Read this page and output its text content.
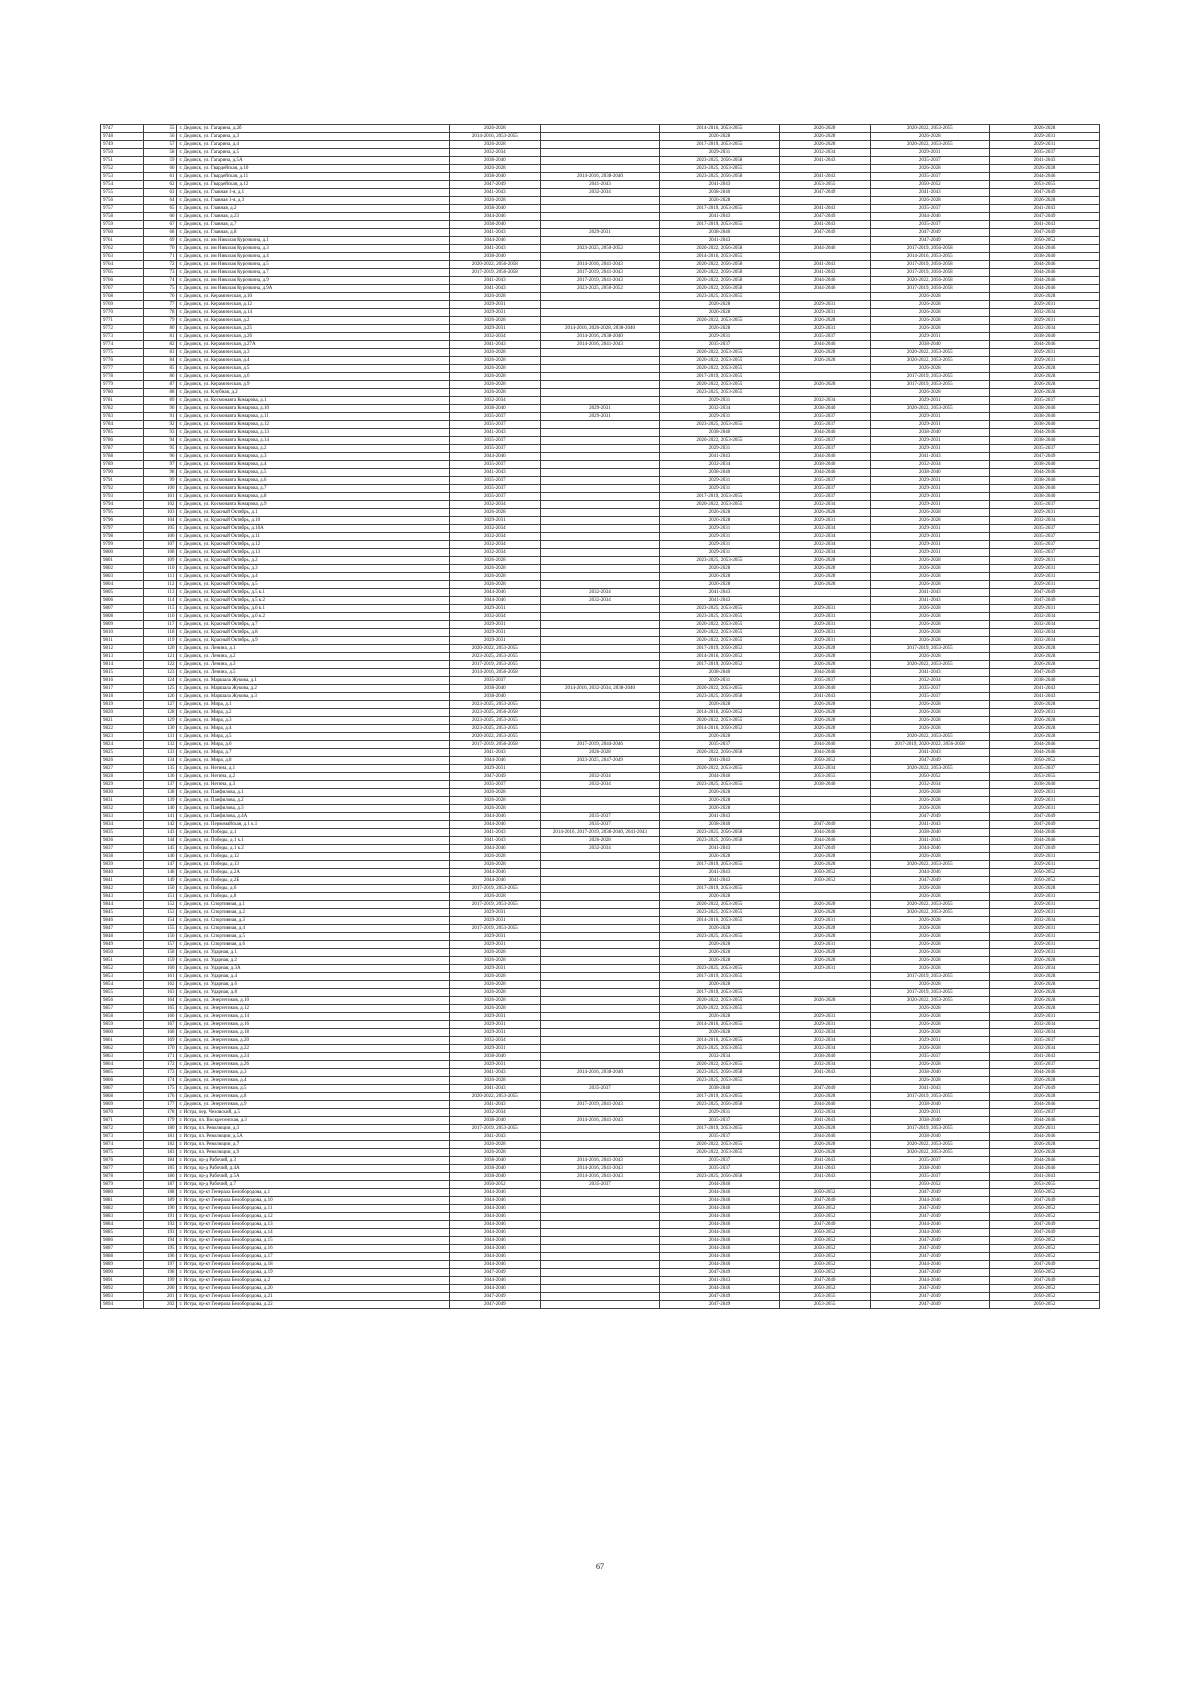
9747	55	г. Дедовск, ул. Гагарина, д.2б	2026-2028		2014-2016, 2053-2055	2026-2028	2020-2022, 2053-2055	2026-2028
9748	56	г. Дедовск, ул. Гагарина, д.3	2014-2016, 2053-2055		2026-2028	2026-2028	2026-2028	2029-2031
9749	57	г. Дедовск, ул. Гагарина, д.4	2026-2028		2017-2019, 2053-2055	2026-2028	2020-2022, 2053-2055	2029-2031
9750	58	г. Дедовск, ул. Гагарина, д.5	2032-2034		2029-2031	2032-2034	2029-2031	2035-2037
9751	59	г. Дедовск, ул. Гагарина, д.5А	2038-2040		2023-2025, 2056-2058	2041-2043	2035-2037	2041-2043
9752	60	г. Дедовск, ул. Гвардейская, д.10	2026-2028		2023-2025, 2053-2055		2026-2028	2026-2028
9753	61	г. Дедовск, ул. Гвардейская, д.11	2038-2040	2014-2016, 2038-2040	2023-2025, 2056-2058	2041-2043	2035-2037	2044-2046
9754	62	г. Дедовск, ул. Гвардейская, д.12	2047-2049	2041-2043	2041-2043	2053-2055	2050-2052	2053-2055
9755	63	г. Дедовск, ул. Главная 1-я, д.1	2041-2043	2032-2034	2038-2040	2047-2049	2041-2043	2047-2049
9756	64	г. Дедовск, ул. Главная 1-я, д.3	2026-2028		2026-2028		2026-2028	2026-2028
9757	65	г. Дедовск, ул. Главная, д.2	2038-2040		2017-2019, 2053-2055	2041-2043	2035-2037	2041-2043
9758	66	г. Дедовск, ул. Главная, д.23	2044-2046		2041-2043	2047-2049	2044-2046	2047-2049
9759	67	г. Дедовск, ул. Главная, д.7	2038-2040		2017-2019, 2053-2055	2041-2043	2035-2037	2041-2043
9760	68	г. Дедовск, ул. Главная, д.8	2041-2043	2029-2031	2038-2040	2047-2049	2047-2049	2047-2049
9761	69	г. Дедовск, ул. им Николая Курочкина, д.1	2044-2046		2041-2043		2047-2049	2050-2052
9762	70	г. Дедовск, ул. им Николая Курочкина, д.3	2041-2043	2023-2025, 2050-2052	2020-2022, 2056-2058	2044-2046	2017-2019, 2056-2058	2044-2046
9763	71	г. Дедовск, ул. им Николая Курочкина, д.4	2038-2040		2014-2016, 2053-2055		2014-2016, 2053-2055	2038-2040
9764	72	г. Дедовск, ул. им Николая Курочкина, д.5	2020-2022, 2056-2058	2014-2016, 2041-2043	2020-2022, 2056-2058	2041-2043	2017-2019, 2056-2058	2044-2046
9765	73	г. Дедовск, ул. им Николая Курочкина, д.7	2017-2019, 2056-2058	2017-2019, 2041-2043	2020-2022, 2056-2058	2041-2043	2017-2019, 2056-2058	2044-2046
9766	74	г. Дедовск, ул. им Николая Курочкина, д.9	2041-2043	2017-2019, 2041-2043	2020-2022, 2056-2058	2044-2046	2020-2022, 2056-2058	2044-2046
9767	75	г. Дедовск, ул. им Николая Курочкина, д.9А	2041-2043	2023-2025, 2050-2052	2020-2022, 2056-2058	2044-2046	2017-2019, 2056-2058	2044-2046
9768	76	г. Дедовск, ул. Керамическая, д.10	2026-2028		2023-2025, 2053-2055		2026-2028	2026-2028
9769	77	г. Дедовск, ул. Керамическая, д.12	2029-2031		2026-2028	2029-2031	2026-2028	2029-2031
9770	78	г. Дедовск, ул. Керамическая, д.14	2029-2031		2026-2028	2029-2031	2026-2028	2032-2034
9771	79	г. Дедовск, ул. Керамическая, д.2	2026-2028		2020-2022, 2053-2055	2026-2028	2026-2028	2029-2031
9772	80	г. Дедовск, ул. Керамическая, д.25	2029-2031	2014-2016, 2026-2028, 2038-2040	2026-2028	2029-2031	2026-2028	2032-2034
9773	81	г. Дедовск, ул. Керамическая, д.26	2032-2034	2014-2016, 2038-2040	2029-2031	2035-2037	2029-2031	2038-2040
9774	82	г. Дедовск, ул. Керамическая, д.27А	2041-2043	2014-2016, 2041-2043	2035-2037	2044-2046	2038-2040	2044-2046
9775	83	г. Дедовск, ул. Керамическая, д.3	2026-2028		2020-2022, 2053-2055	2026-2028	2020-2022, 2053-2055	2029-2031
9776	84	г. Дедовск, ул. Керамическая, д.4	2026-2028		2020-2022, 2053-2055	2026-2028	2020-2022, 2053-2055	2029-2031
9777	85	г. Дедовск, ул. Керамическая, д.5	2026-2028		2020-2022, 2053-2055		2026-2028	2026-2028
9778	86	г. Дедовск, ул. Керамическая, д.6	2026-2028		2017-2019, 2053-2055		2017-2019, 2053-2055	2026-2028
9779	87	г. Дедовск, ул. Керамическая, д.9	2026-2028		2020-2022, 2053-2055	2026-2028	2017-2019, 2053-2055	2026-2028
9780	88	г. Дедовск, ул. Клубная, д.2	2026-2028		2023-2025, 2053-2055		2026-2028	2026-2028
9781	89	г. Дедовск, ул. Космонавта Комарова, д.1	2032-2034		2029-2031	2032-2034	2029-2031	2035-2037
9782	90	г. Дедовск, ул. Космонавта Комарова, д.10	2038-2040	2029-2031	2032-2034	2038-2040	2020-2022, 2053-2055	2038-2040
9783	91	г. Дедовск, ул. Космонавта Комарова, д.11	2035-2037	2029-2031	2029-2031	2035-2037	2029-2031	2038-2040
9784	92	г. Дедовск, ул. Космонавта Комарова, д.12	2035-2037		2023-2025, 2053-2055	2035-2037	2029-2031	2038-2040
9785	93	г. Дедовск, ул. Космонавта Комарова, д.13	2041-2043		2038-2040	2044-2046	2038-2040	2044-2046
9786	94	г. Дедовск, ул. Космонавта Комарова, д.14	2035-2037		2020-2022, 2053-2055	2035-2037	2029-2031	2038-2040
9787	95	г. Дедовск, ул. Космонавта Комарова, д.2	2035-2037		2029-2031	2035-2037	2029-2031	2035-2037
9788	96	г. Дедовск, ул. Космонавта Комарова, д.3	2044-2046		2041-2043	2044-2046	2041-2043	2047-2049
9789	97	г. Дедовск, ул. Космонавта Комарова, д.4	2035-2037		2032-2034	2038-2040	2032-2034	2038-2040
9790	98	г. Дедовск, ул. Космонавта Комарова, д.5	2041-2043		2038-2040	2044-2046	2038-2040	2044-2046
9791	99	г. Дедовск, ул. Космонавта Комарова, д.6	2035-2037		2029-2031	2035-2037	2029-2031	2038-2040
9792	100	г. Дедовск, ул. Космонавта Комарова, д.7	2035-2037		2029-2031	2035-2037	2029-2031	2038-2040
9793	101	г. Дедовск, ул. Космонавта Комарова, д.8	2035-2037		2017-2019, 2053-2055	2035-2037	2029-2031	2038-2040
9794	102	г. Дедовск, ул. Космонавта Комарова, д.9	2032-2034		2020-2022, 2053-2055	2032-2034	2029-2031	2035-2037
9795	103	г. Дедовск, ул. Красный Октябрь, д.1	2026-2028		2026-2028	2026-2028	2026-2028	2029-2031
9796	104	г. Дедовск, ул. Красный Октябрь, д.10	2029-2031		2026-2028	2029-2031	2026-2028	2032-2034
9797	105	г. Дедовск, ул. Красный Октябрь, д.10А	2032-2034		2029-2031	2032-2034	2029-2031	2035-2037
9798	106	г. Дедовск, ул. Красный Октябрь, д.11	2032-2034		2029-2031	2032-2034	2029-2031	2035-2037
9799	107	г. Дедовск, ул. Красный Октябрь, д.12	2032-2034		2029-2031	2032-2034	2029-2031	2035-2037
9800	108	г. Дедовск, ул. Красный Октябрь, д.13	2032-2034		2029-2031	2032-2034	2029-2031	2035-2037
9801	109	г. Дедовск, ул. Красный Октябрь, д.2	2026-2028		2023-2025, 2053-2055	2026-2028	2026-2028	2029-2031
9802	110	г. Дедовск, ул. Красный Октябрь, д.3	2026-2028		2026-2028	2026-2028	2026-2028	2029-2031
9803	111	г. Дедовск, ул. Красный Октябрь, д.4	2026-2028		2026-2028	2026-2028	2026-2028	2029-2031
9804	112	г. Дедовск, ул. Красный Октябрь, д.5	2026-2028		2026-2028	2026-2028	2026-2028	2029-2031
9805	113	г. Дедовск, ул. Красный Октябрь, д.5 к.1	2044-2046	2032-2034	2041-2043		2041-2043	2047-2049
9806	114	г. Дедовск, ул. Красный Октябрь, д.5 к.2	2044-2046	2032-2034	2041-2043		2041-2043	2047-2049
9807	115	г. Дедовск, ул. Красный Октябрь, д.6 к.1	2029-2031		2023-2025, 2053-2055	2029-2031	2026-2028	2029-2031
9808	116	г. Дедовск, ул. Красный Октябрь, д.6 к.2	2032-2034		2023-2025, 2053-2055	2029-2031	2026-2028	2032-2034
9809	117	г. Дедовск, ул. Красный Октябрь, д.7	2029-2031		2020-2022, 2053-2055	2029-2031	2026-2028	2032-2034
9810	118	г. Дедовск, ул. Красный Октябрь, д.8	2029-2031		2020-2022, 2053-2055	2029-2031	2026-2028	2032-2034
9811	119	г. Дедовск, ул. Красный Октябрь, д.9	2029-2031		2020-2022, 2053-2055	2029-2031	2026-2028	2032-2034
9812	120	г. Дедовск, ул. Ленина, д.1	2020-2022, 2053-2055		2017-2019, 2050-2052	2026-2028	2017-2019, 2053-2055	2026-2028
9813	121	г. Дедовск, ул. Ленина, д.2	2023-2025, 2053-2055		2014-2016, 2050-2052	2026-2028	2026-2028	2026-2028
9814	122	г. Дедовск, ул. Ленина, д.3	2017-2019, 2053-2055		2017-2019, 2050-2052	2026-2028	2020-2022, 2053-2055	2026-2028
9815	123	г. Дедовск, ул. Ленина, д.5	2014-2016, 2056-2058		2038-2040	2044-2046	2041-2043	2047-2049
9816	124	г. Дедовск, ул. Маршала Жукова, д.1	2035-2037		2029-2031	2035-2037	2032-2034	2038-2040
9817	125	г. Дедовск, ул. Маршала Жукова, д.2	2038-2040	2014-2016, 2032-2034, 2038-2040	2020-2022, 2053-2055	2038-2040	2035-2037	2041-2043
9818	126	г. Дедовск, ул. Маршала Жукова, д.3	2038-2040		2023-2025, 2056-2058	2041-2043	2035-2037	2041-2043
9819	127	г. Дедовск, ул. Мира, д.1	2023-2025, 2053-2055		2026-2028	2026-2028	2026-2028	2026-2028
9820	128	г. Дедовск, ул. Мира, д.2	2023-2025, 2056-2058		2014-2016, 2050-2052	2026-2028	2026-2028	2029-2031
9821	129	г. Дедовск, ул. Мира, д.3	2023-2025, 2053-2055		2020-2022, 2053-2055	2026-2028	2026-2028	2026-2028
9822	130	г. Дедовск, ул. Мира, д.4	2023-2025, 2053-2055		2014-2016, 2050-2052	2026-2028	2026-2028	2026-2028
9823	131	г. Дедовск, ул. Мира, д.5	2020-2022, 2053-2055		2026-2028	2026-2028	2020-2022, 2053-2055	2026-2028
9824	132	г. Дедовск, ул. Мира, д.6	2017-2019, 2056-2058	2017-2019, 2044-2046	2035-2037	2044-2046	2017-2019, 2020-2022, 2056-2058	2044-2046
9825	133	г. Дедовск, ул. Мира, д.7	2041-2043	2026-2028	2020-2022, 2056-2058	2044-2046	2041-2043	2044-2046
9826	134	г. Дедовск, ул. Мира, д.8	2044-2046	2023-2025, 2047-2049	2041-2043	2050-2052	2047-2049	2050-2052
9827	135	г. Дедовск, ул. Негина, д.1	2029-2031		2020-2022, 2053-2055	2032-2034	2020-2022, 2053-2055	2035-2037
9828	136	г. Дедовск, ул. Негина, д.2	2047-2049	2032-2034	2044-2046	2053-2055	2050-2052	2053-2055
9829	137	г. Дедовск, ул. Негина, д.3	2035-2037	2032-2034	2023-2025, 2053-2055	2038-2040	2032-2034	2038-2040
9830	138	г. Дедовск, ул. Панфилова, д.1	2026-2028		2026-2028		2026-2028	2029-2031
9831	139	г. Дедовск, ул. Панфилова, д.2	2026-2028		2026-2028		2026-2028	2029-2031
9832	140	г. Дедовск, ул. Панфилова, д.3	2026-2028		2026-2028		2026-2028	2029-2031
9833	141	г. Дедовск, ул. Панфилова, д.4А	2044-2046	2035-2037	2041-2043		2047-2049	2047-2049
9834	142	г. Дедовск, ул. Первомайская, д.1 к.1	2044-2046	2035-2037	2038-2040	2047-2049	2041-2043	2047-2049
9835	143	г. Дедовск, ул. Победы, д.1	2041-2043	2014-2016, 2017-2019, 2038-2040, 2041-2043	2023-2025, 2056-2058	2044-2046	2038-2040	2044-2046
9836	144	г. Дедовск, ул. Победы, д.1 к.1	2041-2043	2026-2028	2023-2025, 2056-2058	2044-2046	2041-2043	2044-2046
9837	145	г. Дедовск, ул. Победы, д.1 к.2	2044-2046	2032-2034	2041-2043	2047-2049	2044-2046	2047-2049
9838	146	г. Дедовск, ул. Победы, д.12	2026-2028		2026-2028	2026-2028	2026-2028	2029-2031
9839	147	г. Дедовск, ул. Победы, д.13	2026-2028		2017-2019, 2053-2055	2026-2028	2020-2022, 2053-2055	2029-2031
9840	148	г. Дедовск, ул. Победы, д.2А	2044-2046		2041-2043	2050-2052	2044-2046	2050-2052
9841	149	г. Дедовск, ул. Победы, д.2Б	2044-2046		2041-2043	2050-2052	2047-2049	2050-2052
9842	150	г. Дедовск, ул. Победы, д.6	2017-2019, 2053-2055		2017-2019, 2053-2055		2026-2028	2026-2028
9843	151	г. Дедовск, ул. Победы, д.8	2026-2028		2026-2028		2026-2028	2029-2031
9844	152	г. Дедовск, ул. Спортивная, д.1	2017-2019, 2053-2055		2020-2022, 2053-2055	2026-2028	2020-2022, 2053-2055	2029-2031
9845	153	г. Дедовск, ул. Спортивная, д.2	2029-2031		2023-2025, 2053-2055	2026-2028	2020-2022, 2053-2055	2029-2031
9846	154	г. Дедовск, ул. Спортивная, д.3	2029-2031		2014-2016, 2053-2055	2029-2031	2026-2028	2032-2034
9847	155	г. Дедовск, ул. Спортивная, д.4	2017-2019, 2053-2055		2026-2028	2026-2028	2026-2028	2029-2031
9848	156	г. Дедовск, ул. Спортивная, д.5	2029-2031		2023-2025, 2053-2055	2026-2028	2026-2028	2029-2031
9849	157	г. Дедовск, ул. Спортивная, д.6	2029-2031		2026-2028	2029-2031	2026-2028	2029-2031
9850	158	г. Дедовск, ул. Ударная, д.1	2026-2028		2026-2028	2026-2028	2026-2028	2029-2031
9851	159	г. Дедовск, ул. Ударная, д.2	2026-2028		2026-2028	2026-2028	2026-2028	2026-2028
9852	160	г. Дедовск, ул. Ударная, д.3А	2029-2031		2023-2025, 2053-2055	2029-2031	2026-2028	2032-2034
9853	161	г. Дедовск, ул. Ударная, д.4	2026-2028		2017-2019, 2053-2055		2017-2019, 2053-2055	2026-2028
9854	162	г. Дедовск, ул. Ударная, д.6	2026-2028		2026-2028		2026-2028	2026-2028
9855	163	г. Дедовск, ул. Ударная, д.8	2026-2028		2017-2019, 2053-2055		2017-2019, 2053-2055	2026-2028
9856	164	г. Дедовск, ул. Энергетиков, д.10	2026-2028		2020-2022, 2053-2055	2026-2028	2020-2022, 2053-2055	2026-2028
9857	165	г. Дедовск, ул. Энергетиков, д.12	2026-2028		2020-2022, 2053-2055		2026-2028	2026-2028
9858	166	г. Дедовск, ул. Энергетиков, д.14	2029-2031		2026-2028	2029-2031	2026-2028	2029-2031
9859	167	г. Дедовск, ул. Энергетиков, д.16	2029-2031		2014-2016, 2053-2055	2029-2031	2026-2028	2032-2034
9860	168	г. Дедовск, ул. Энергетиков, д.18	2029-2031		2026-2028	2032-2034	2026-2028	2032-2034
9861	169	г. Дедовск, ул. Энергетиков, д.20	2032-2034		2014-2016, 2053-2055	2032-2034	2029-2031	2035-2037
9862	170	г. Дедовск, ул. Энергетиков, д.22	2029-2031		2023-2025, 2053-2055	2032-2034	2026-2028	2032-2034
9863	171	г. Дедовск, ул. Энергетиков, д.24	2038-2040		2032-2034	2038-2040	2035-2037	2041-2043
9864	172	г. Дедовск, ул. Энергетиков, д.26	2029-2031		2020-2022, 2053-2055	2032-2034	2026-2028	2035-2037
9865	173	г. Дедовск, ул. Энергетиков, д.3	2041-2043	2014-2016, 2038-2040	2023-2025, 2056-2058	2041-2043	2038-2040	2044-2046
9866	174	г. Дедовск, ул. Энергетиков, д.4	2026-2028		2023-2025, 2053-2055		2026-2028	2026-2028
9867	175	г. Дедовск, ул. Энергетиков, д.5	2041-2043	2035-2037	2038-2040	2047-2049	2041-2043	2047-2049
9868	176	г. Дедовск, ул. Энергетиков, д.8	2020-2022, 2053-2055		2017-2019, 2053-2055	2026-2028	2017-2019, 2053-2055	2026-2028
9869	177	г. Дедовск, ул. Энергетиков, д.9	2041-2043	2017-2019, 2041-2043	2023-2025, 2056-2058	2044-2046	2038-2040	2044-2046
9870	178	г. Истра, пер. Чеховский, д.5	2032-2034		2029-2031	2032-2034	2029-2031	2035-2037
9871	179	г. Истра, пл. Воскресенская, д.3	2038-2040	2014-2016, 2041-2043	2035-2037	2041-2043	2038-2040	2044-2046
9872	180	г. Истра, пл. Революции, д.3	2017-2019, 2053-2055		2017-2019, 2053-2055	2026-2028	2017-2019, 2053-2055	2029-2031
9873	181	г. Истра, пл. Революции, д.5А	2041-2043		2035-2037	2044-2046	2038-2040	2044-2046
9874	182	г. Истра, пл. Революции, д.7	2026-2028		2020-2022, 2053-2055	2026-2028	2020-2022, 2053-2055	2026-2028
9875	183	г. Истра, пл. Революции, д.9	2026-2028		2020-2022, 2053-2055	2026-2028	2020-2022, 2053-2055	2026-2028
9876	184	г. Истра, пр-д Рабочий, д.3	2038-2040	2014-2016, 2041-2043	2035-2037	2041-2043	2035-2037	2044-2046
9877	185	г. Истра, пр-д Рабочий, д.4А	2038-2040	2014-2016, 2041-2043	2035-2037	2041-2043	2038-2040	2044-2046
9878	186	г. Истра, пр-д Рабочий, д.5А	2038-2040	2014-2016, 2041-2043	2023-2025, 2056-2058	2041-2043	2035-2037	2041-2043
9879	187	г. Истра, пр-д Рабочий, д.7	2050-2052	2035-2037	2044-2046		2050-2052	2053-2055
9880	188	г. Истра, пр-кт Генерала Белобородова, д.1	2044-2046		2044-2046	2050-2052	2047-2049	2050-2052
9881	189	г. Истра, пр-кт Генерала Белобородова, д.10	2044-2046		2044-2046	2047-2049	2044-2046	2047-2049
9882	190	г. Истра, пр-кт Генерала Белобородова, д.11	2044-2046		2044-2046	2050-2052	2047-2049	2050-2052
9883	191	г. Истра, пр-кт Генерала Белобородова, д.12	2044-2046		2044-2046	2050-2052	2047-2049	2050-2052
9884	192	г. Истра, пр-кт Генерала Белобородова, д.13	2044-2046		2044-2046	2047-2049	2044-2046	2047-2049
9885	193	г. Истра, пр-кт Генерала Белобородова, д.14	2044-2046		2044-2046	2050-2052	2044-2046	2047-2049
9886	194	г. Истра, пр-кт Генерала Белобородова, д.15	2044-2046		2044-2046	2050-2052	2047-2049	2050-2052
9887	195	г. Истра, пр-кт Генерала Белобородова, д.16	2044-2046		2044-2046	2050-2052	2047-2049	2050-2052
9888	196	г. Истра, пр-кт Генерала Белобородова, д.17	2044-2046		2044-2046	2050-2052	2047-2049	2050-2052
9889	197	г. Истра, пр-кт Генерала Белобородова, д.18	2044-2046		2044-2046	2050-2052	2044-2046	2047-2049
9890	198	г. Истра, пр-кт Генерала Белобородова, д.19	2047-2049		2047-2049	2050-2052	2047-2049	2050-2052
9891	199	г. Истра, пр-кт Генерала Белобородова, д.2	2044-2046		2041-2043	2047-2049	2044-2046	2047-2049
9892	200	г. Истра, пр-кт Генерала Белобородова, д.20	2044-2046		2044-2046	2050-2052	2047-2049	2050-2052
9893	201	г. Истра, пр-кт Генерала Белобородова, д.21	2047-2049		2047-2049	2053-2055	2047-2049	2050-2052
9894	202	г. Истра, пр-кт Генерала Белобородова, д.22	2047-2049		2047-2049	2053-2055	2047-2049	2050-2052
67
